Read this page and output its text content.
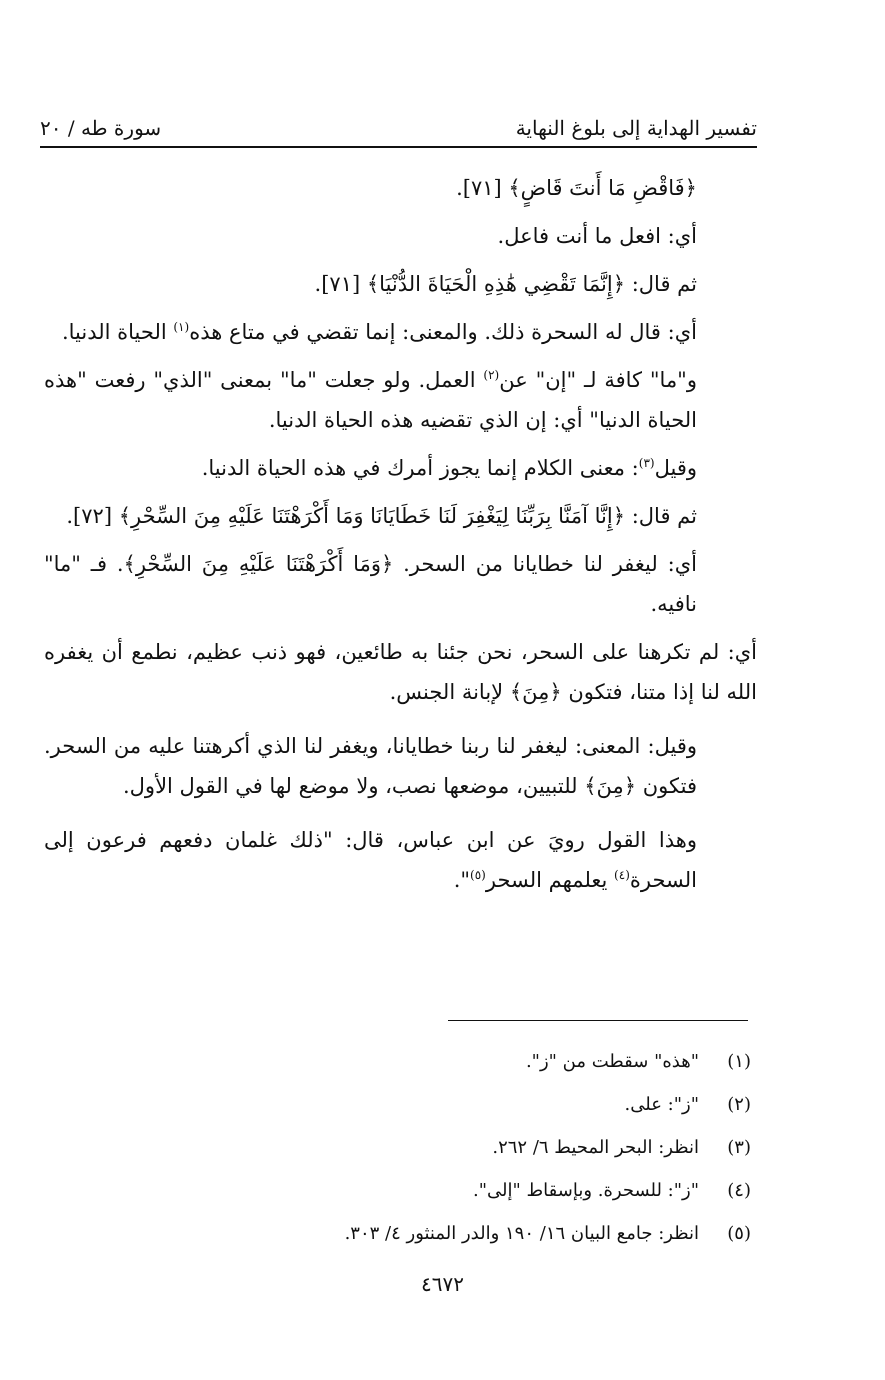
تفسير الهداية إلى بلوغ النهاية
سورة طه / ٢٠

﴿فَاقْضِ مَا أَنتَ قَاضٍ﴾ [٧١].

أي: افعل ما أنت فاعل.

ثم قال: ﴿إِنَّمَا تَقْضِي هَٰذِهِ الْحَيَاةَ الدُّنْيَا﴾ [٧١].

أي: قال له السحرة ذلك. والمعنى: إنما تقضي في متاع هذه$^{(١)}$ الحياة الدنيا.

و"ما" كافة لـ "إن" عن$^{(٢)}$ العمل. ولو جعلت "ما" بمعنى "الذي" رفعت "هذه الحياة الدنيا" أي: إن الذي تقضيه هذه الحياة الدنيا.

وقيل$^{(٣)}$: معنى الكلام إنما يجوز أمرك في هذه الحياة الدنيا.

ثم قال: ﴿إِنَّا آمَنَّا بِرَبِّنَا لِيَغْفِرَ لَنَا خَطَايَانَا وَمَا أَكْرَهْتَنَا عَلَيْهِ مِنَ السِّحْرِ﴾ [٧٢].

أي: ليغفر لنا خطايانا من السحر. ﴿وَمَا أَكْرَهْتَنَا عَلَيْهِ مِنَ السِّحْرِ﴾. فـ "ما" نافيه.

أي: لم تكرهنا على السحر، نحن جئنا به طائعين، فهو ذنب عظيم، نطمع أن يغفره الله لنا إذا متنا، فتكون ﴿مِنَ﴾ لإبانة الجنس.

وقيل: المعنى: ليغفر لنا ربنا خطايانا، ويغفر لنا الذي أكرهتنا عليه من السحر. فتكون ﴿مِنَ﴾ للتبيين، موضعها نصب، ولا موضع لها في القول الأول.

وهذا القول رويَ عن ابن عباس، قال: "ذلك غلمان دفعهم فرعون إلى السحرة$^{(٤)}$ يعلمهم السحر$^{(٥)}$".

(١)
"هذه" سقطت من "ز".
(٢)
"ز": على.
(٣)
انظر: البحر المحيط ٦/ ٢٦٢.
(٤)
"ز": للسحرة. وبإسقاط "إلى".
(٥)
انظر: جامع البيان ١٦/ ١٩٠ والدر المنثور ٤/ ٣٠٣.
٤٦٧٢
